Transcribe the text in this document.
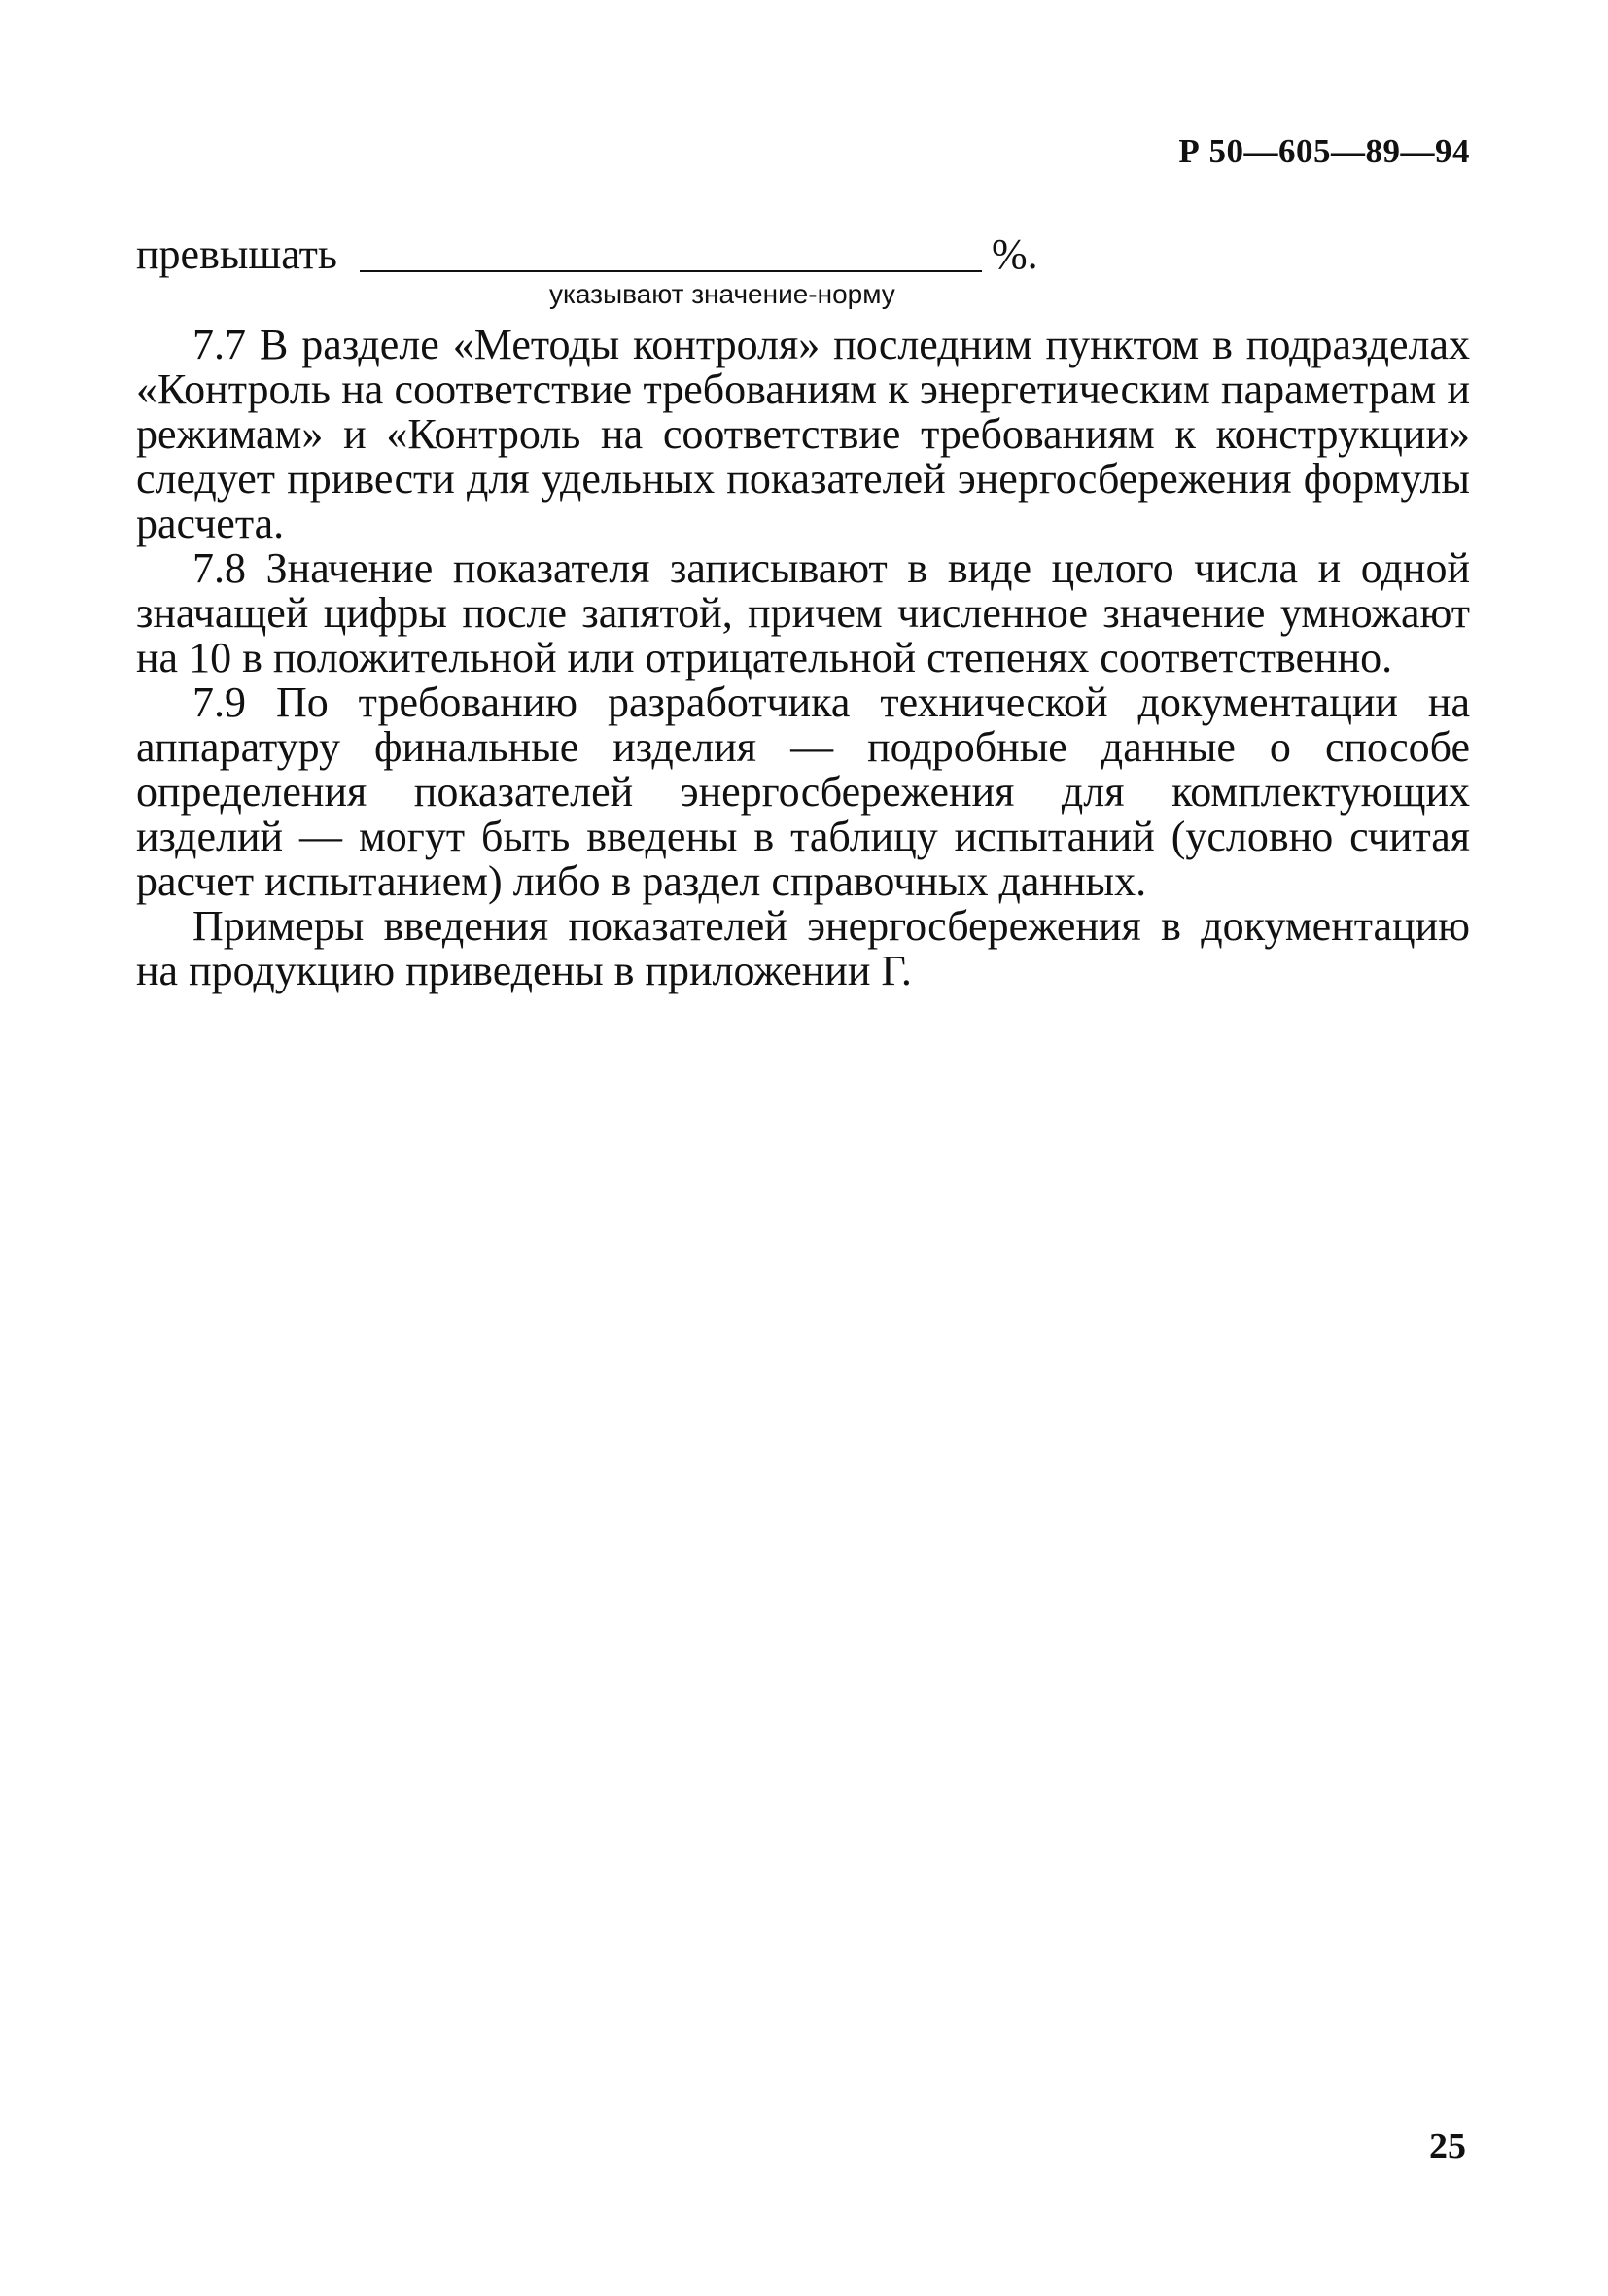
Р 50—605—89—94
превышать	%.
указывают значение-норму

7.7 В разделе «Методы контроля» последним пунктом в подразделах «Контроль на соответствие требованиям к энергетическим параметрам и режимам» и «Контроль на соответствие требованиям к конструкции» следует привести для удельных показателей энергосбережения формулы расчета.

7.8 Значение показателя записывают в виде целого числа и одной значащей цифры после запятой, причем численное значение умножают на 10 в положительной или отрицательной степенях соответственно.

7.9 По требованию разработчика технической документации на аппаратуру финальные изделия — подробные данные о способе определения показателей энергосбережения для комплектующих изделий — могут быть введены в таблицу испытаний (условно считая расчет испытанием) либо в раздел справочных данных.

Примеры введения показателей энергосбережения в документацию на продукцию приведены в приложении Г.

25
